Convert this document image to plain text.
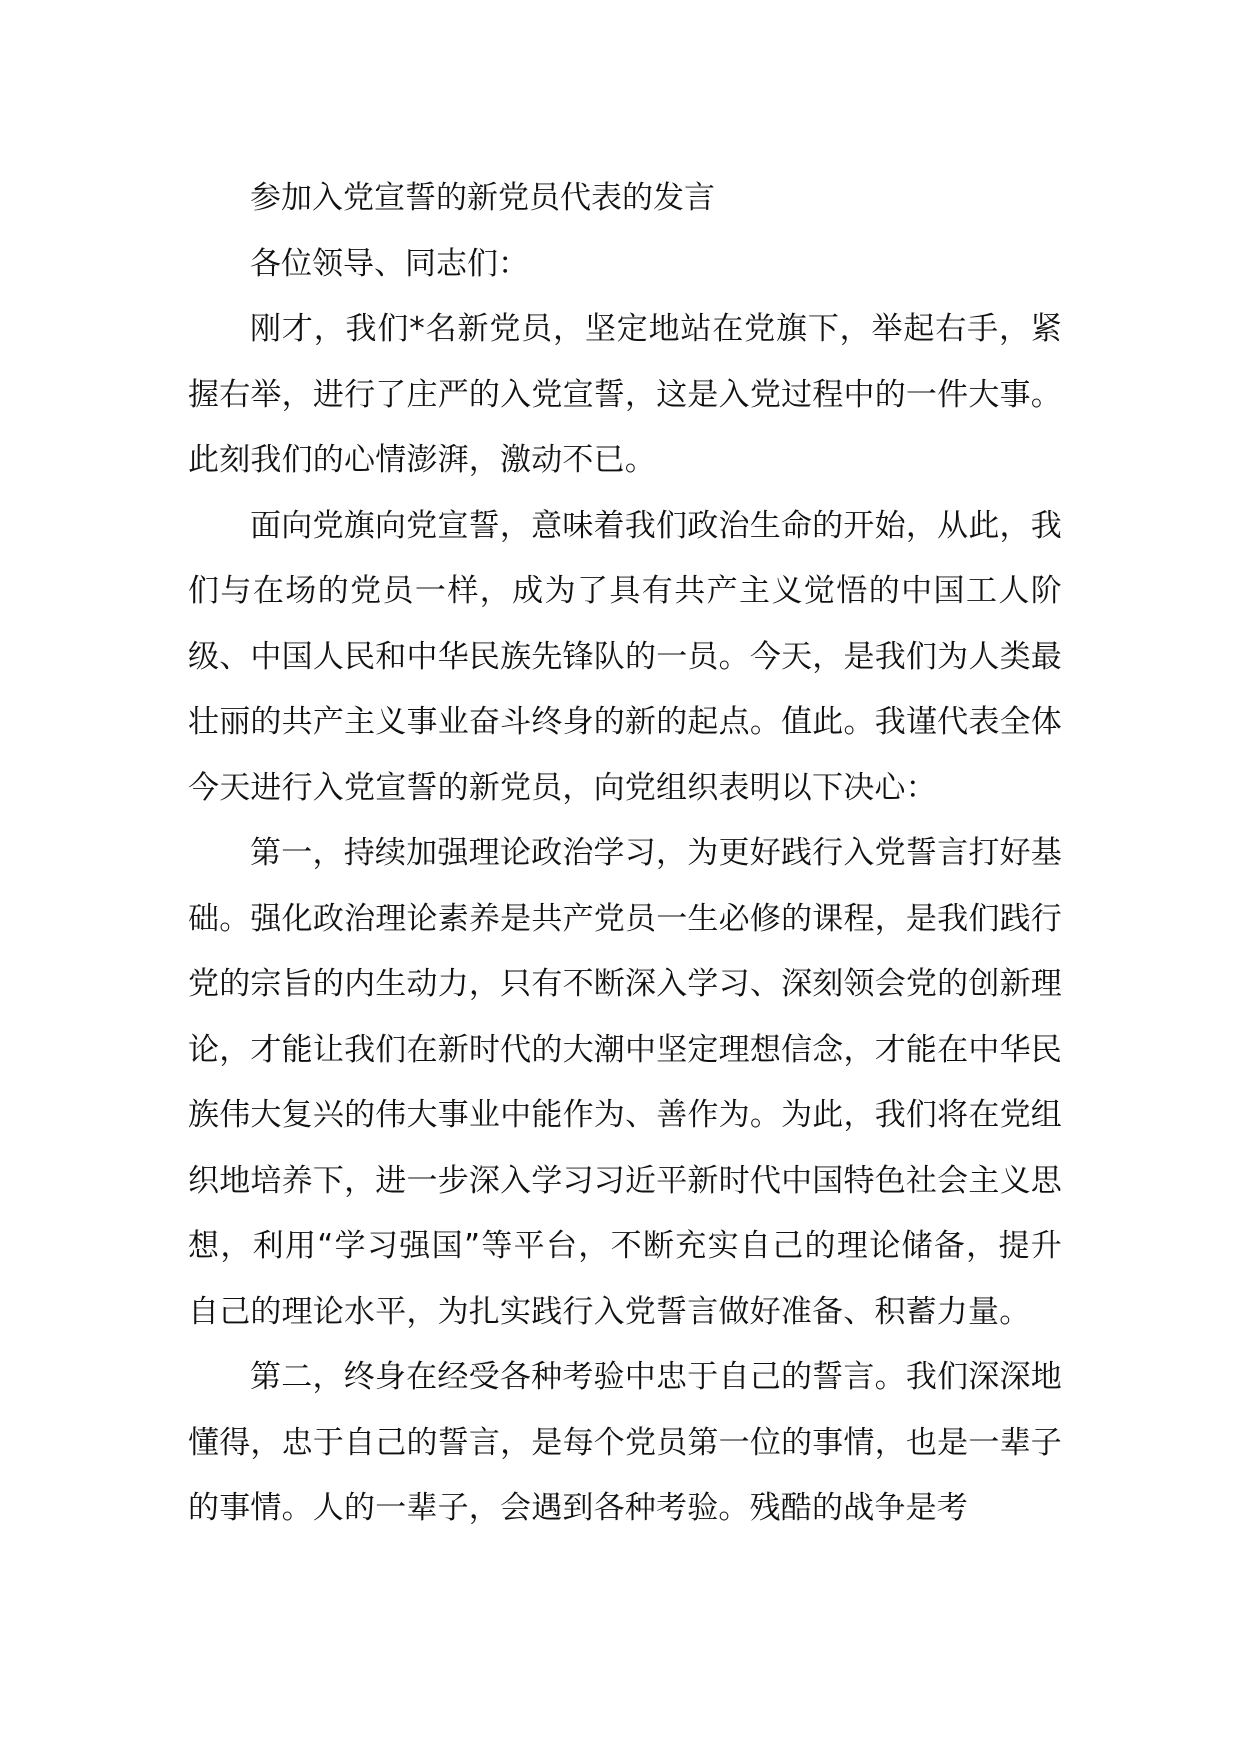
参加入党宣誓的新党员代表的发言

各位领导、同志们：

刚才，我们*名新党员，坚定地站在党旗下，举起右手，紧握右举，进行了庄严的入党宣誓，这是入党过程中的一件大事。此刻我们的心情澎湃，激动不已。

面向党旗向党宣誓，意味着我们政治生命的开始，从此，我们与在场的党员一样，成为了具有共产主义觉悟的中国工人阶级、中国人民和中华民族先锋队的一员。今天，是我们为人类最壮丽的共产主义事业奋斗终身的新的起点。值此。我谨代表全体今天进行入党宣誓的新党员，向党组织表明以下决心：

第一，持续加强理论政治学习，为更好践行入党誓言打好基础。强化政治理论素养是共产党员一生必修的课程，是我们践行党的宗旨的内生动力，只有不断深入学习、深刻领会党的创新理论，才能让我们在新时代的大潮中坚定理想信念，才能在中华民族伟大复兴的伟大事业中能作为、善作为。为此，我们将在党组织地培养下，进一步深入学习习近平新时代中国特色社会主义思想，利用“学习强国”等平台，不断充实自己的理论储备，提升自己的理论水平，为扎实践行入党誓言做好准备、积蓄力量。

第二，终身在经受各种考验中忠于自己的誓言。我们深深地懂得，忠于自己的誓言，是每个党员第一位的事情，也是一辈子的事情。人的一辈子，会遇到各种考验。残酷的战争是考
